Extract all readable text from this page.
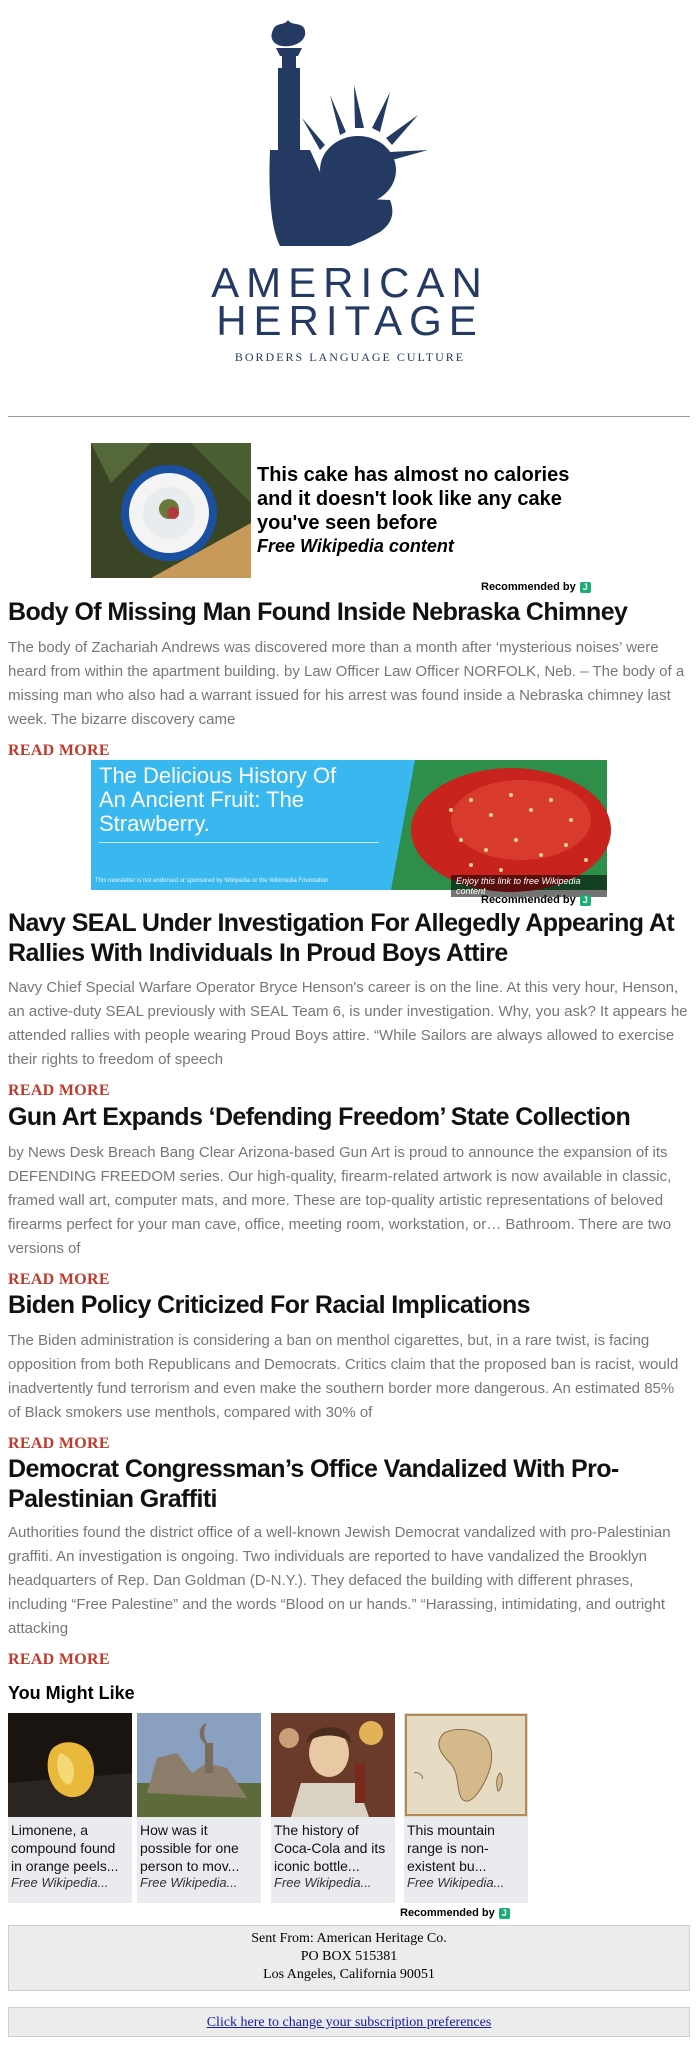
AMERICAN
HERITAGE
BORDERS LANGUAGE CULTURE
This cake has almost no calories and it doesn't look like any cake you've seen before
Free Wikipedia content
Recommended by J
Body Of Missing Man Found Inside Nebraska Chimney
The body of Zachariah Andrews was discovered more than a month after ‘mysterious noises’ were heard from within the apartment building. by Law Officer Law Officer NORFOLK, Neb. – The body of a missing man who also had a warrant issued for his arrest was found inside a Nebraska chimney last week. The bizarre discovery came
READ MORE
The Delicious History Of An Ancient Fruit: The Strawberry.
This newsletter is not endorsed or sponsored by Wikipedia or the Wikimedia Foundation	Enjoy this link to free Wikipedia content
Recommended by J
Navy SEAL Under Investigation For Allegedly Appearing At Rallies With Individuals In Proud Boys Attire
Navy Chief Special Warfare Operator Bryce Henson's career is on the line. At this very hour, Henson, an active-duty SEAL previously with SEAL Team 6, is under investigation. Why, you ask? It appears he attended rallies with people wearing Proud Boys attire. “While Sailors are always allowed to exercise their rights to freedom of speech
READ MORE
Gun Art Expands ‘Defending Freedom’ State Collection
by News Desk Breach Bang Clear Arizona-based Gun Art is proud to announce the expansion of its DEFENDING FREEDOM series. Our high-quality, firearm-related artwork is now available in classic, framed wall art, computer mats, and more. These are top-quality artistic representations of beloved firearms perfect for your man cave, office, meeting room, workstation, or… Bathroom. There are two versions of
READ MORE
Biden Policy Criticized For Racial Implications
The Biden administration is considering a ban on menthol cigarettes, but, in a rare twist, is facing opposition from both Republicans and Democrats. Critics claim that the proposed ban is racist, would inadvertently fund terrorism and even make the southern border more dangerous. An estimated 85% of Black smokers use menthols, compared with 30% of
READ MORE
Democrat Congressman’s Office Vandalized With Pro-Palestinian Graffiti
Authorities found the district office of a well-known Jewish Democrat vandalized with pro-Palestinian graffiti. An investigation is ongoing. Two individuals are reported to have vandalized the Brooklyn headquarters of Rep. Dan Goldman (D-N.Y.). They defaced the building with different phrases, including “Free Palestine” and the words “Blood on ur hands.” “Harassing, intimidating, and outright attacking
READ MORE
You Might Like
Limonene, a compound found in orange peels...
Free Wikipedia...
How was it possible for one person to mov...
Free Wikipedia...
The history of Coca-Cola and its iconic bottle...
Free Wikipedia...
This mountain range is non-existent bu...
Free Wikipedia...
Recommended by J
Sent From: American Heritage Co.
PO BOX 515381
Los Angeles, California 90051
Click here to change your subscription preferences
